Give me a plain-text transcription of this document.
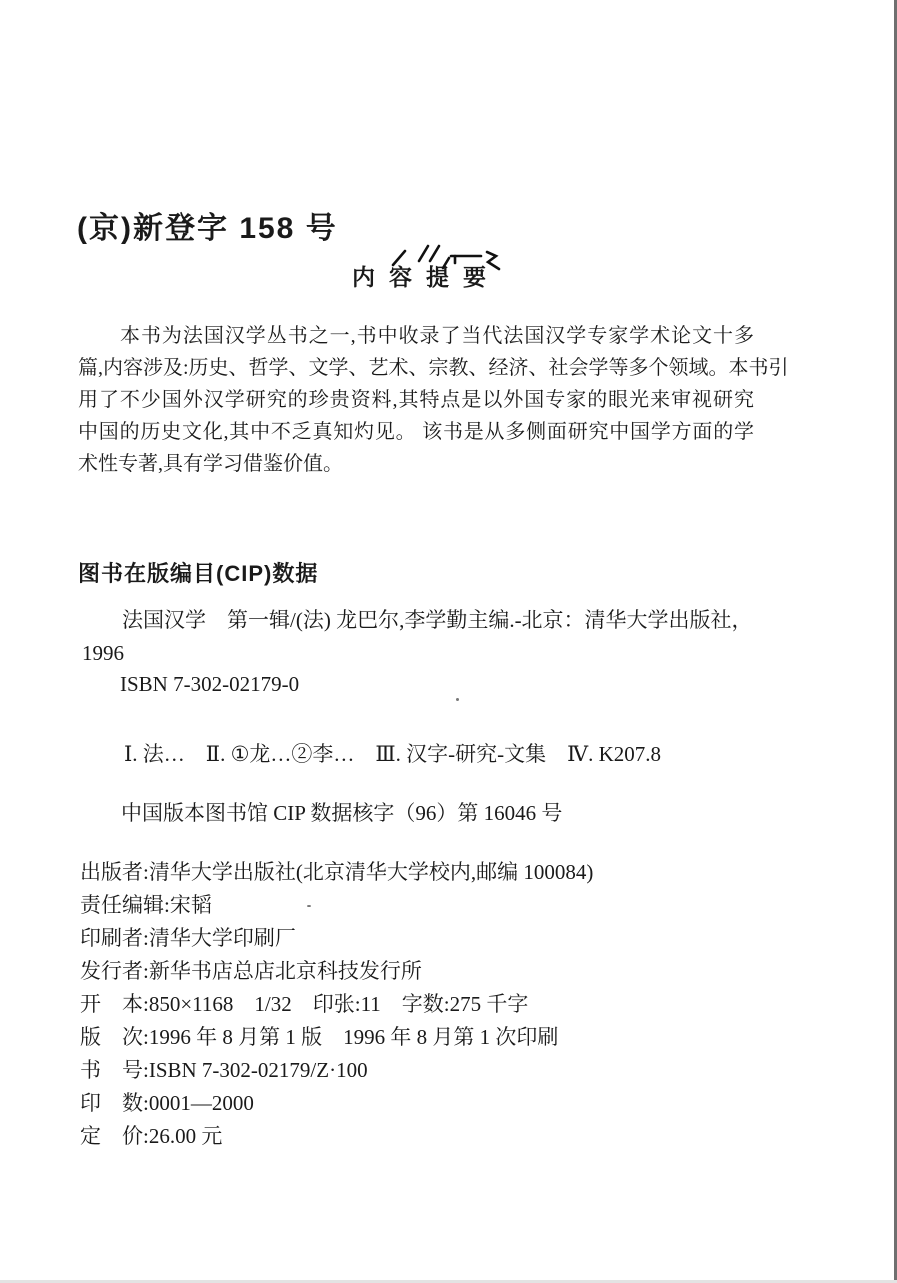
(京)新登字 158 号
内容提要
本书为法国汉学丛书之一,书中收录了当代法国汉学专家学术论文十多
篇,内容涉及:历史、哲学、文学、艺术、宗教、经济、社会学等多个领域。本书引
用了不少国外汉学研究的珍贵资料,其特点是以外国专家的眼光来审视研究
中国的历史文化,其中不乏真知灼见。 该书是从多侧面研究中国学方面的学
术性专著,具有学习借鉴价值。
图书在版编目(CIP)数据
法国汉学　第一辑/(法) 龙巴尔,李学勤主编.-北京：清华大学出版社，
1996
ISBN 7-302-02179-0
Ⅰ. 法…　Ⅱ. ①龙…②李…　Ⅲ. 汉字-研究-文集　Ⅳ. K207.8
中国版本图书馆 CIP 数据核字（96）第 16046 号
出版者:清华大学出版社(北京清华大学校内,邮编 100084)
责任编辑:宋韬
印刷者:清华大学印刷厂
发行者:新华书店总店北京科技发行所
开　本:850×1168　1/32　印张:11　字数:275 千字
版　次:1996 年 8 月第 1 版　1996 年 8 月第 1 次印刷
书　号:ISBN 7-302-02179/Z·100
印　数:0001—2000
定　价:26.00 元
